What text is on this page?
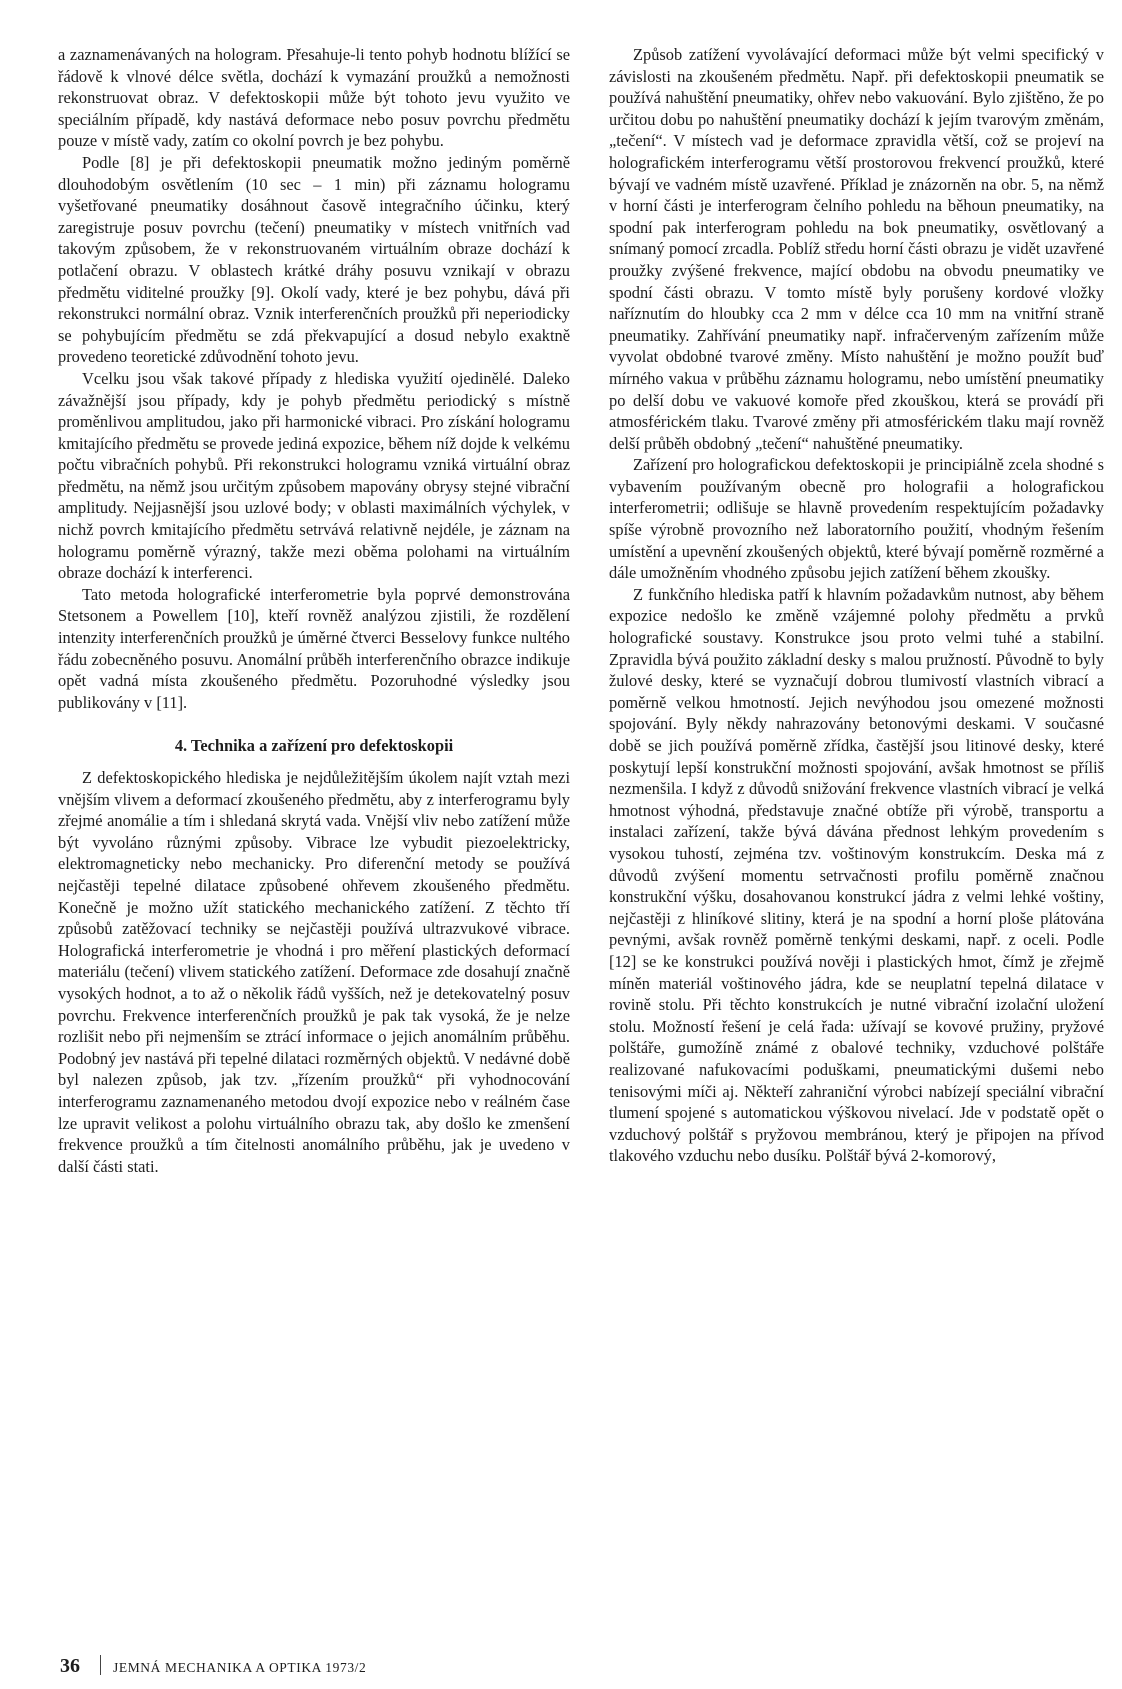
a zaznamenávaných na hologram. Přesahuje-li tento pohyb hodnotu blížící se řádově k vlnové délce světla, dochází k vymazání proužků a nemožnosti rekonstruovat obraz. V defektoskopii může být tohoto jevu využito ve speciálním případě, kdy nastává deformace nebo posuv povrchu předmětu pouze v místě vady, zatím co okolní povrch je bez pohybu.

Podle [8] je při defektoskopii pneumatik možno jediným poměrně dlouhodobým osvětlením (10 sec – 1 min) při záznamu hologramu vyšetřované pneumatiky dosáhnout časově integračního účinku, který zaregistruje posuv povrchu (tečení) pneumatiky v místech vnitřních vad takovým způsobem, že v rekonstruovaném virtuálním obraze dochází k potlačení obrazu. V oblastech krátké dráhy posuvu vznikají v obrazu předmětu viditelné proužky [9]. Okolí vady, které je bez pohybu, dává při rekonstrukci normální obraz. Vznik interferenčních proužků při neperiodicky se pohybujícím předmětu se zdá překvapující a dosud nebylo exaktně provedeno teoretické zdůvodnění tohoto jevu.

Vcelku jsou však takové případy z hlediska využití ojedinělé. Daleko závažnější jsou případy, kdy je pohyb předmětu periodický s místně proměnlivou amplitudou, jako při harmonické vibraci. Pro získání hologramu kmitajícího předmětu se provede jediná expozice, během níž dojde k velkému počtu vibračních pohybů. Při rekonstrukci hologramu vzniká virtuální obraz předmětu, na němž jsou určitým způsobem mapovány obrysy stejné vibrační amplitudy. Nejjasnější jsou uzlové body; v oblasti maximálních výchylek, v nichž povrch kmitajícího předmětu setrvává relativně nejdéle, je záznam na hologramu poměrně výrazný, takže mezi oběma polohami na virtuálním obraze dochází k interferenci.

Tato metoda holografické interferometrie byla poprvé demonstrována Stetsonem a Powellem [10], kteří rovněž analýzou zjistili, že rozdělení intenzity interferenčních proužků je úměrné čtverci Besselovy funkce nultého řádu zobecněného posuvu. Anomální průběh interferenčního obrazce indikuje opět vadná místa zkoušeného předmětu. Pozoruhodné výsledky jsou publikovány v [11].

4. Technika a zařízení pro defektoskopii

Z defektoskopického hlediska je nejdůležitějším úkolem najít vztah mezi vnějším vlivem a deformací zkoušeného předmětu, aby z interferogramu byly zřejmé anomálie a tím i shledaná skrytá vada. Vnější vliv nebo zatížení může být vyvoláno různými způsoby. Vibrace lze vybudit piezoelektricky, elektromagneticky nebo mechanicky. Pro diferenční metody se používá nejčastěji tepelné dilatace způsobené ohřevem zkoušeného předmětu. Konečně je možno užít statického mechanického zatížení. Z těchto tří způsobů zatěžovací techniky se nejčastěji používá ultrazvukové vibrace. Holografická interferometrie je vhodná i pro měření plastických deformací materiálu (tečení) vlivem statického zatížení. Deformace zde dosahují značně vysokých hodnot, a to až o několik řádů vyšších, než je detekovatelný posuv povrchu. Frekvence interferenčních proužků je pak tak vysoká, že je nelze rozlišit nebo při nejmenším se ztrácí informace o jejich anomálním průběhu. Podobný jev nastává při tepelné dilataci rozměrných objektů. V nedávné době byl nalezen způsob, jak tzv. „řízením proužků“ při vyhodnocování interferogramu zaznamenaného metodou dvojí expozice nebo v reálném čase lze upravit velikost a polohu virtuálního obrazu tak, aby došlo ke zmenšení frekvence proužků a tím čitelnosti anomálního průběhu, jak je uvedeno v další části stati.

Způsob zatížení vyvolávající deformaci může být velmi specifický v závislosti na zkoušeném předmětu. Např. při defektoskopii pneumatik se používá nahuštění pneumatiky, ohřev nebo vakuování. Bylo zjištěno, že po určitou dobu po nahuštění pneumatiky dochází k jejím tvarovým změnám, „tečení“. V místech vad je deformace zpravidla větší, což se projeví na holografickém interferogramu větší prostorovou frekvencí proužků, které bývají ve vadném místě uzavřené. Příklad je znázorněn na obr. 5, na němž v horní části je interferogram čelního pohledu na běhoun pneumatiky, na spodní pak interferogram pohledu na bok pneumatiky, osvětlovaný a snímaný pomocí zrcadla. Poblíž středu horní části obrazu je vidět uzavřené proužky zvýšené frekvence, mající obdobu na obvodu pneumatiky ve spodní části obrazu. V tomto místě byly porušeny kordové vložky naříznutím do hloubky cca 2 mm v délce cca 10 mm na vnitřní straně pneumatiky. Zahřívání pneumatiky např. infračerveným zařízením může vyvolat obdobné tvarové změny. Místo nahuštění je možno použít buď mírného vakua v průběhu záznamu hologramu, nebo umístění pneumatiky po delší dobu ve vakuové komoře před zkouškou, která se provádí při atmosférickém tlaku. Tvarové změny při atmosférickém tlaku mají rovněž delší průběh obdobný „tečení“ nahuštěné pneumatiky.

Zařízení pro holografickou defektoskopii je principiálně zcela shodné s vybavením používaným obecně pro holografii a holografickou interferometrii; odlišuje se hlavně provedením respektujícím požadavky spíše výrobně provozního než laboratorního použití, vhodným řešením umístění a upevnění zkoušených objektů, které bývají poměrně rozměrné a dále umožněním vhodného způsobu jejich zatížení během zkoušky.

Z funkčního hlediska patří k hlavním požadavkům nutnost, aby během expozice nedošlo ke změně vzájemné polohy předmětu a prvků holografické soustavy. Konstrukce jsou proto velmi tuhé a stabilní. Zpravidla bývá použito základní desky s malou pružností. Původně to byly žulové desky, které se vyznačují dobrou tlumivostí vlastních vibrací a poměrně velkou hmotností. Jejich nevýhodou jsou omezené možnosti spojování. Byly někdy nahrazovány betonovými deskami. V současné době se jich používá poměrně zřídka, častější jsou litinové desky, které poskytují lepší konstrukční možnosti spojování, avšak hmotnost se příliš nezmenšila. I když z důvodů snižování frekvence vlastních vibrací je velká hmotnost výhodná, představuje značné obtíže při výrobě, transportu a instalaci zařízení, takže bývá dávána přednost lehkým provedením s vysokou tuhostí, zejména tzv. voštinovým konstrukcím. Deska má z důvodů zvýšení momentu setrvačnosti profilu poměrně značnou konstrukční výšku, dosahovanou konstrukcí jádra z velmi lehké voštiny, nejčastěji z hliníkové slitiny, která je na spodní a horní ploše plátována pevnými, avšak rovněž poměrně tenkými deskami, např. z oceli. Podle [12] se ke konstrukci používá nověji i plastických hmot, čímž je zřejmě míněn materiál voštinového jádra, kde se neuplatní tepelná dilatace v rovině stolu. Při těchto konstrukcích je nutné vibrační izolační uložení stolu. Možností řešení je celá řada: užívají se kovové pružiny, pryžové polštáře, gumožíně známé z obalové techniky, vzduchové polštáře realizované nafukovacími poduškami, pneumatickými dušemi nebo tenisovými míči aj. Někteří zahraniční výrobci nabízejí speciální vibrační tlumení spojené s automatickou výškovou nivelací. Jde v podstatě opět o vzduchový polštář s pryžovou membránou, který je připojen na přívod tlakového vzduchu nebo dusíku. Polštář bývá 2-komorový,

36 JEMNÁ MECHANIKA A OPTIKA 1973/2
